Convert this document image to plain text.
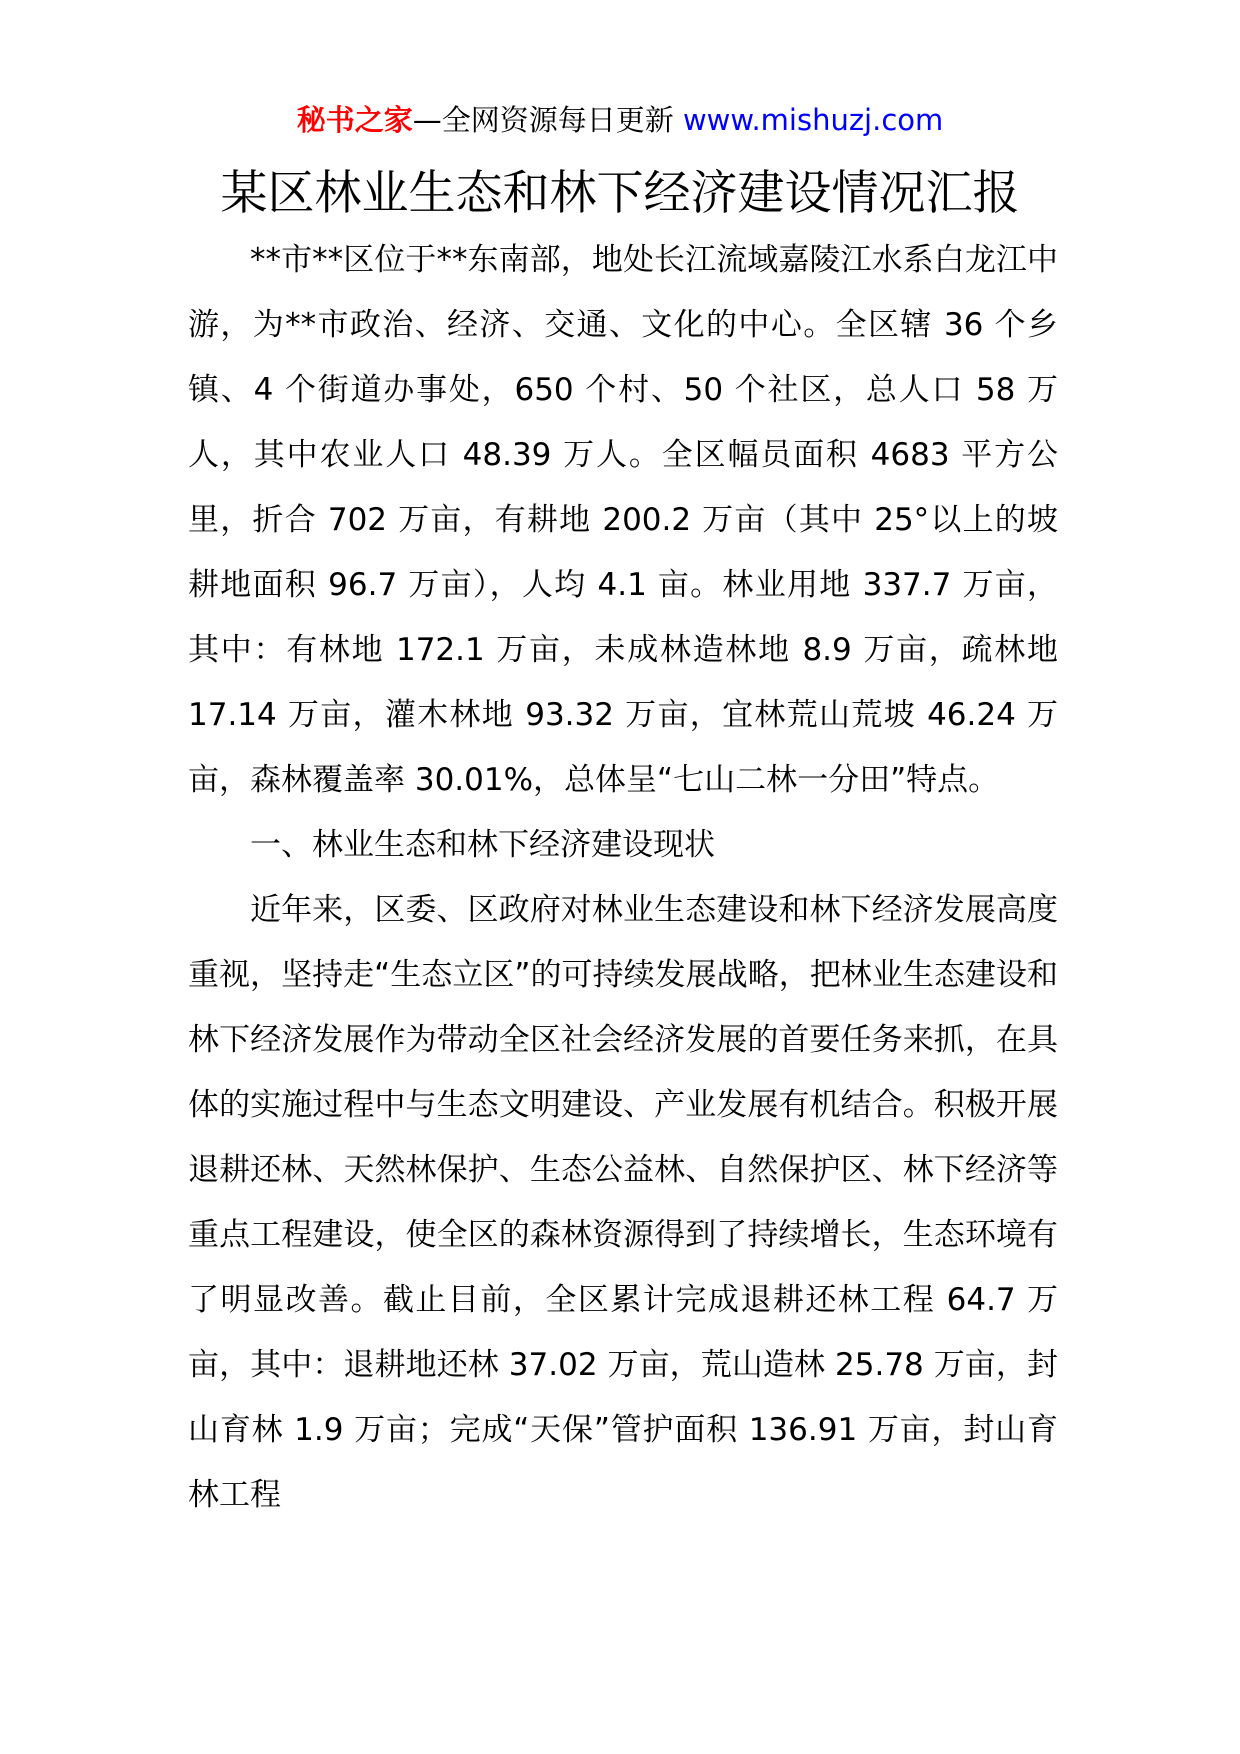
秘书之家—全网资源每日更新 www.mishuzj.com
某区林业生态和林下经济建设情况汇报

**市**区位于**东南部，地处长江流域嘉陵江水系白龙江中游，为**市政治、经济、交通、文化的中心。全区辖 36 个乡镇、4 个街道办事处，650 个村、50 个社区，总人口 58 万人，其中农业人口 48.39 万人。全区幅员面积 4683 平方公里，折合 702 万亩，有耕地 200.2 万亩（其中 25°以上的坡耕地面积 96.7 万亩），人均 4.1 亩。林业用地 337.7 万亩，其中：有林地 172.1 万亩，未成林造林地 8.9 万亩，疏林地 17.14 万亩，灌木林地 93.32 万亩，宜林荒山荒坡 46.24 万亩，森林覆盖率 30.01%，总体呈“七山二林一分田”特点。

一、林业生态和林下经济建设现状

近年来，区委、区政府对林业生态建设和林下经济发展高度重视，坚持走“生态立区”的可持续发展战略，把林业生态建设和林下经济发展作为带动全区社会经济发展的首要任务来抓，在具体的实施过程中与生态文明建设、产业发展有机结合。积极开展退耕还林、天然林保护、生态公益林、自然保护区、林下经济等重点工程建设，使全区的森林资源得到了持续增长，生态环境有了明显改善。截止目前，全区累计完成退耕还林工程 64.7 万亩，其中：退耕地还林 37.02 万亩，荒山造林 25.78 万亩，封山育林 1.9 万亩；完成“天保”管护面积 136.91 万亩，封山育林工程
